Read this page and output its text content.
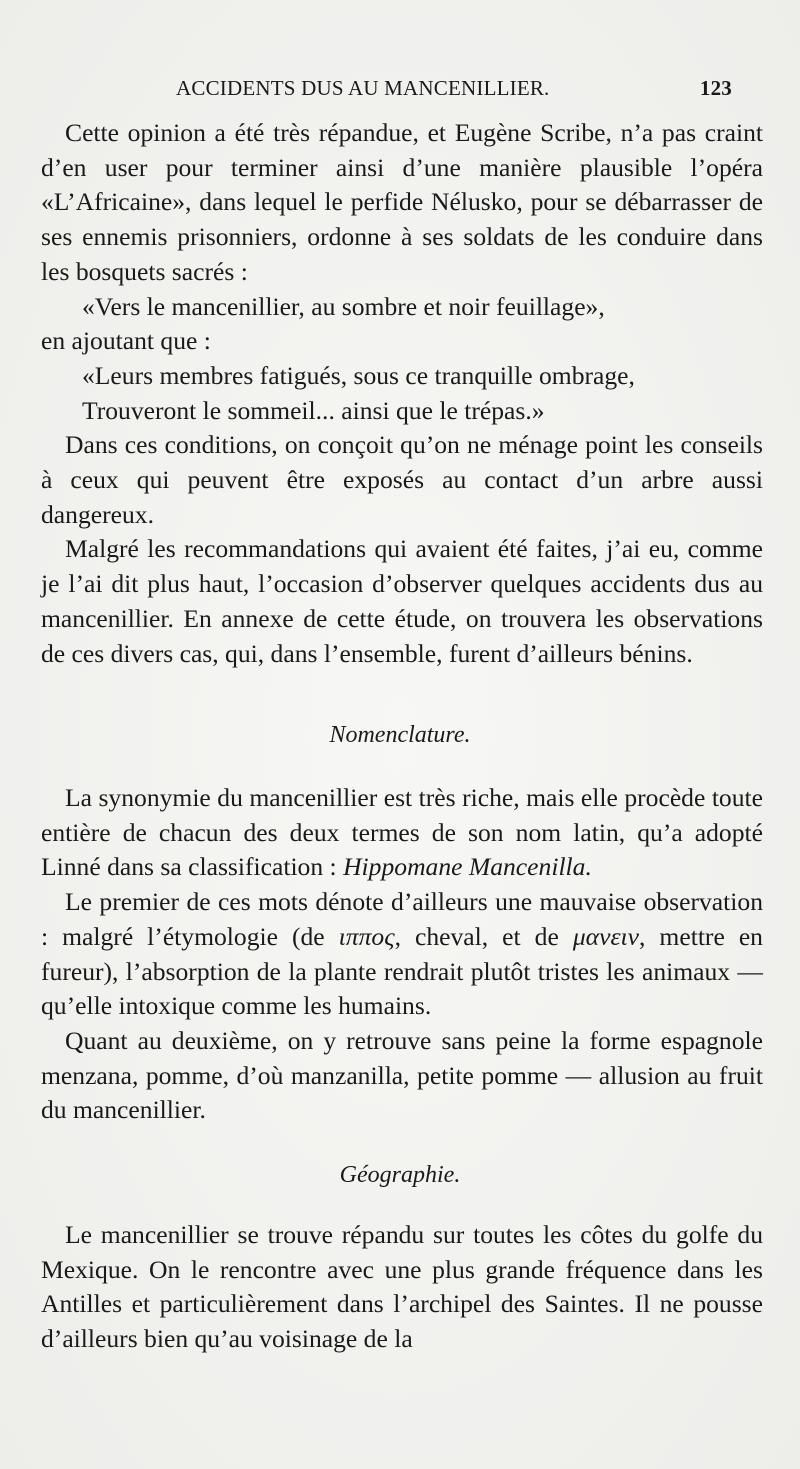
ACCIDENTS DUS AU MANCENILLIER.	123

Cette opinion a été très répandue, et Eugène Scribe, n’a pas craint d’en user pour terminer ainsi d’une manière plausible l’opéra «L’Africaine», dans lequel le perfide Nélusko, pour se débarrasser de ses ennemis prisonniers, ordonne à ses soldats de les conduire dans les bosquets sacrés :

«Vers le mancenillier, au sombre et noir feuillage»,

en ajoutant que :

«Leurs membres fatigués, sous ce tranquille ombrage,

Trouveront le sommeil... ainsi que le trépas.»

Dans ces conditions, on conçoit qu’on ne ménage point les conseils à ceux qui peuvent être exposés au contact d’un arbre aussi dangereux.

Malgré les recommandations qui avaient été faites, j’ai eu, comme je l’ai dit plus haut, l’occasion d’observer quelques accidents dus au mancenillier. En annexe de cette étude, on trouvera les observations de ces divers cas, qui, dans l’ensemble, furent d’ailleurs bénins.

Nomenclature.

La synonymie du mancenillier est très riche, mais elle procède toute entière de chacun des deux termes de son nom latin, qu’a adopté Linné dans sa classification : Hippomane Mancenilla.

Le premier de ces mots dénote d’ailleurs une mauvaise observation : malgré l’étymologie (de ιππος, cheval, et de μανειν, mettre en fureur), l’absorption de la plante rendrait plutôt tristes les animaux — qu’elle intoxique comme les humains.

Quant au deuxième, on y retrouve sans peine la forme espagnole menzana, pomme, d’où manzanilla, petite pomme — allusion au fruit du mancenillier.

Géographie.

Le mancenillier se trouve répandu sur toutes les côtes du golfe du Mexique. On le rencontre avec une plus grande fréquence dans les Antilles et particulièrement dans l’archipel des Saintes. Il ne pousse d’ailleurs bien qu’au voisinage de la
